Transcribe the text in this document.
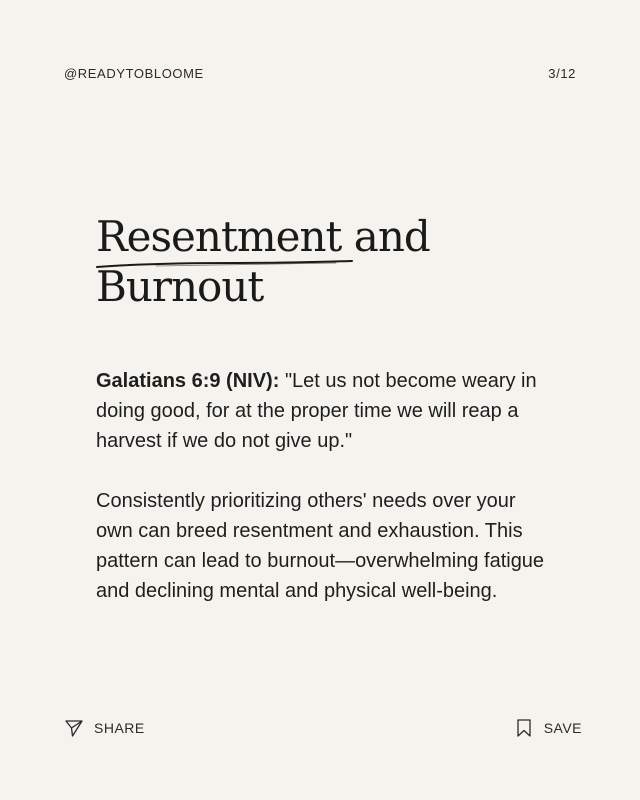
@READYTOBLOOME	3/12
Resentment and
Burnout

Galatians 6:9 (NIV): "Let us not become weary in doing good, for at the proper time we will reap a harvest if we do not give up."

Consistently prioritizing others' needs over your own can breed resentment and exhaustion. This pattern can lead to burnout—overwhelming fatigue and declining mental and physical well-being.

SHARE	SAVE
